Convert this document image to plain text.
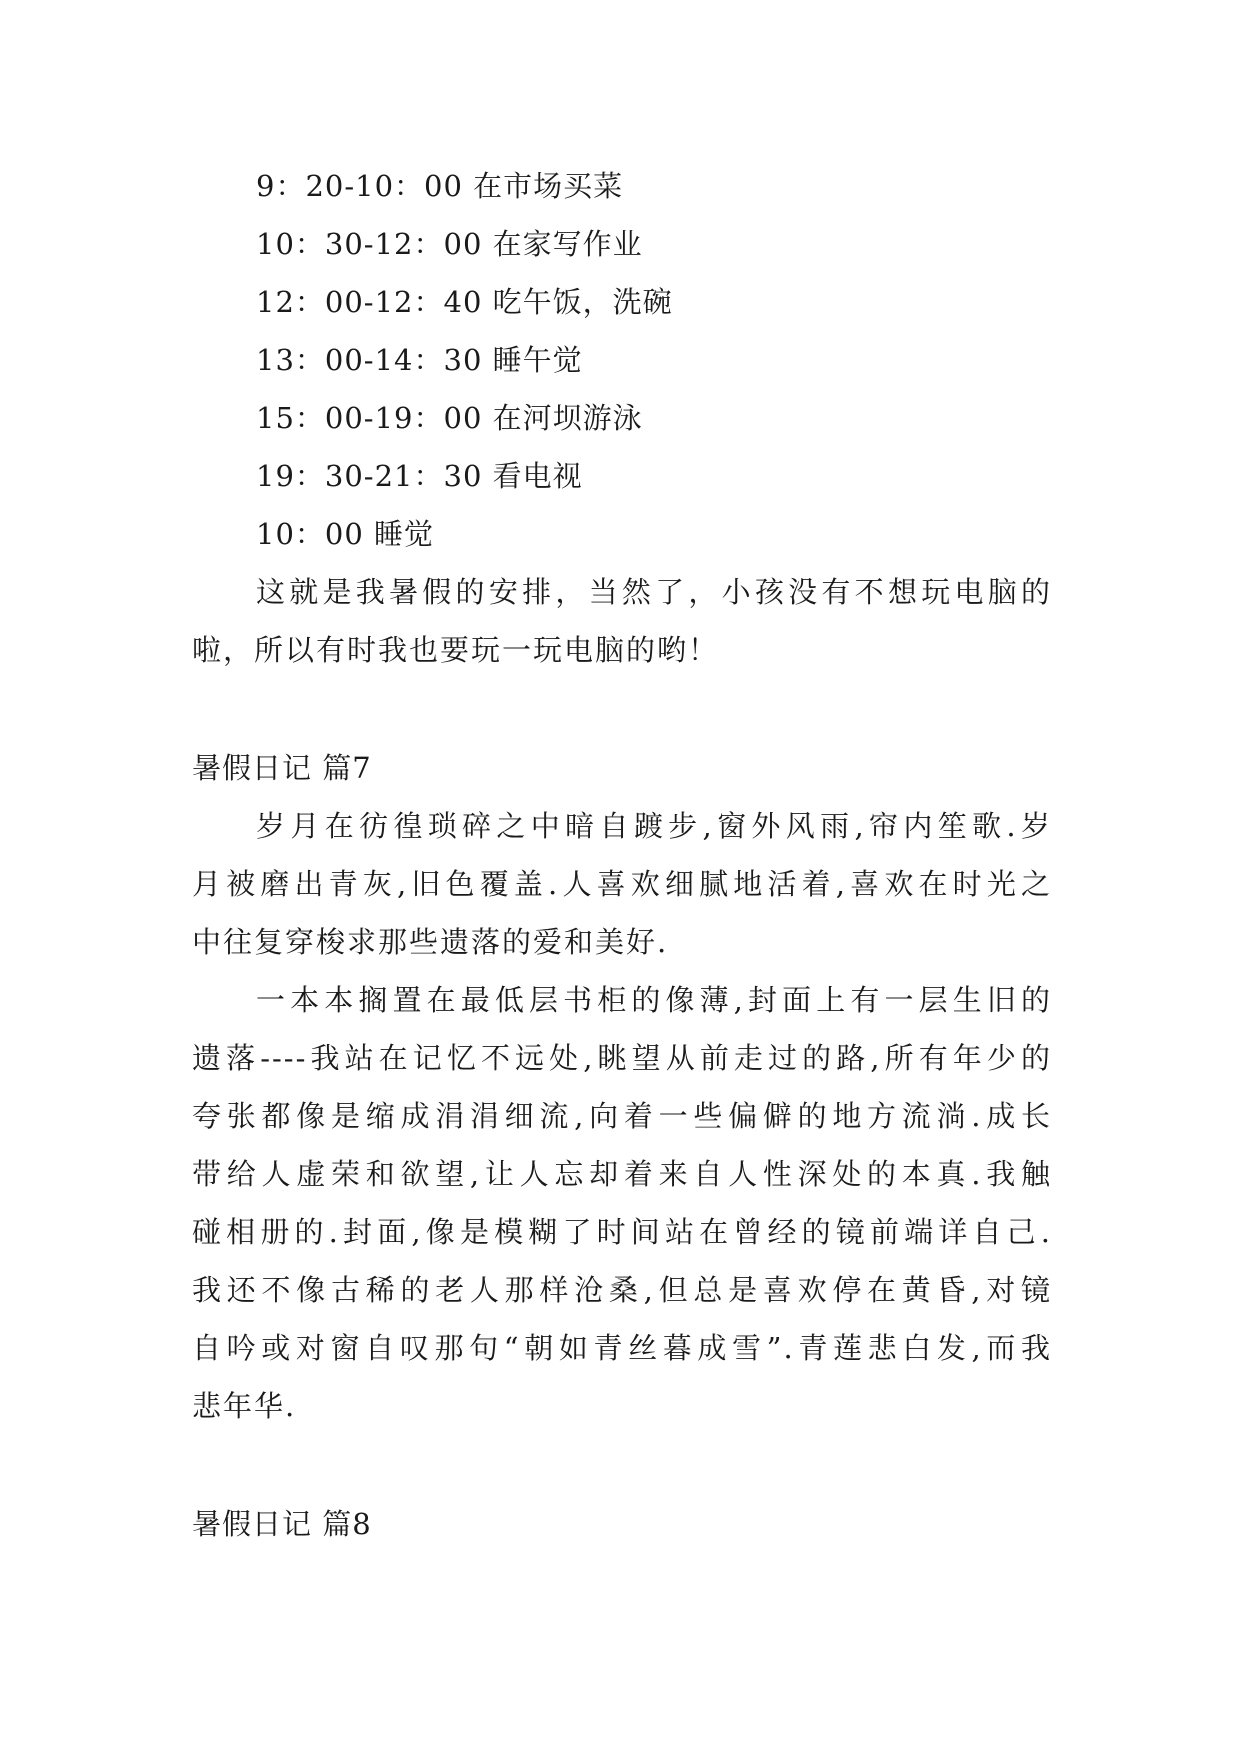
9：20-10：00 在市场买菜
10：30-12：00 在家写作业
12：00-12：40 吃午饭，洗碗
13：00-14：30 睡午觉
15：00-19：00 在河坝游泳
19：30-21：30 看电视
10：00 睡觉
这就是我暑假的安排，当然了，小孩没有不想玩电脑的
啦，所以有时我也要玩一玩电脑的哟！
暑假日记 篇7
岁月在彷徨琐碎之中暗自踱步,窗外风雨,帘内笙歌.岁
月被磨出青灰,旧色覆盖.人喜欢细腻地活着,喜欢在时光之
中往复穿梭求那些遗落的爱和美好.
一本本搁置在最低层书柜的像薄,封面上有一层生旧的
遗落----我站在记忆不远处,眺望从前走过的路,所有年少的
夸张都像是缩成涓涓细流,向着一些偏僻的地方流淌.成长
带给人虚荣和欲望,让人忘却着来自人性深处的本真.我触
碰相册的.封面,像是模糊了时间站在曾经的镜前端详自己.
我还不像古稀的老人那样沧桑,但总是喜欢停在黄昏,对镜
自吟或对窗自叹那句“朝如青丝暮成雪”.青莲悲白发,而我
悲年华.
暑假日记 篇8
